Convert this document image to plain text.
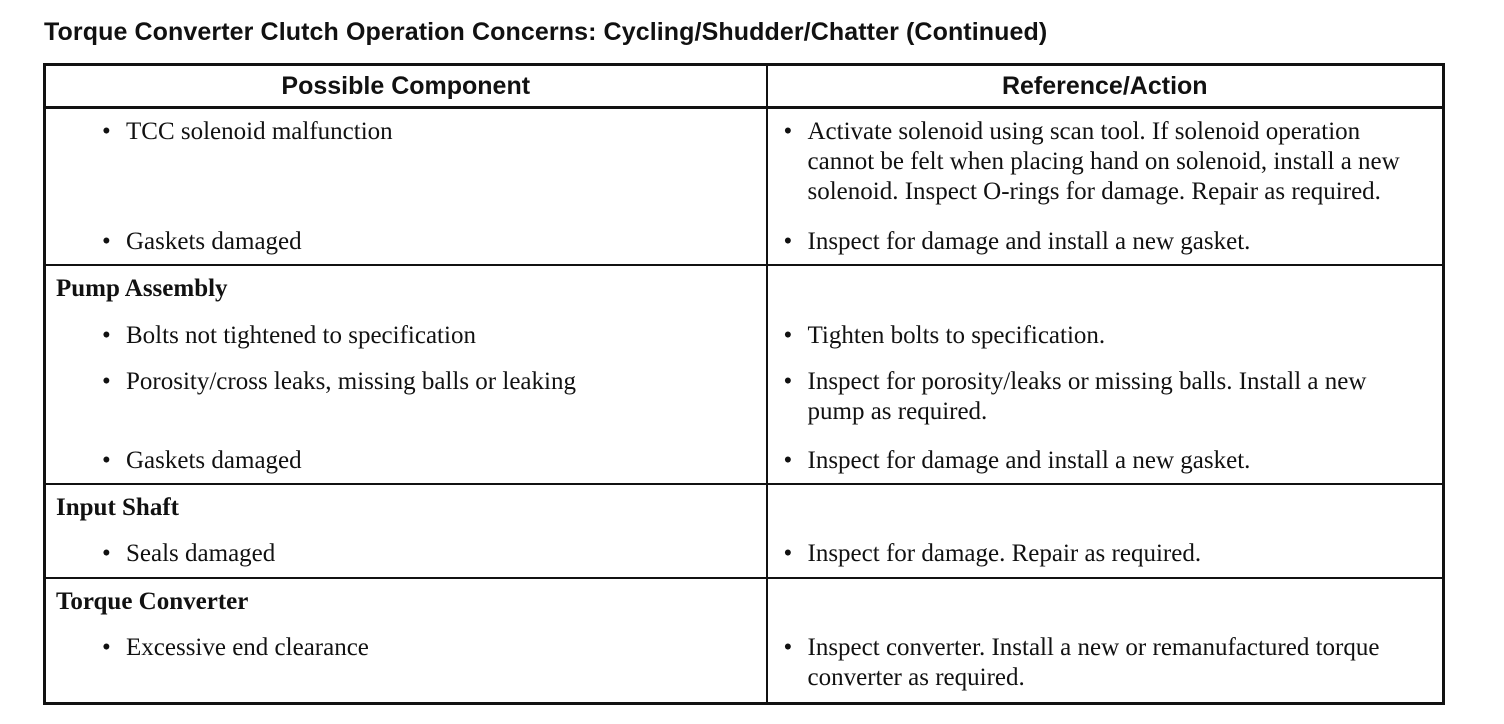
Torque Converter Clutch Operation Concerns: Cycling/Shudder/Chatter (Continued)
Possible Component	Reference/Action

• TCC solenoid malfunction	• Activate solenoid using scan tool. If solenoid operation cannot be felt when placing hand on solenoid, install a new solenoid. Inspect O-rings for damage. Repair as required.

• Gaskets damaged	• Inspect for damage and install a new gasket.

Pump Assembly	

• Bolts not tightened to specification	• Tighten bolts to specification.

• Porosity/cross leaks, missing balls or leaking	• Inspect for porosity/leaks or missing balls. Install a new pump as required.

• Gaskets damaged	• Inspect for damage and install a new gasket.

Input Shaft	

• Seals damaged	• Inspect for damage. Repair as required.

Torque Converter	

• Excessive end clearance	• Inspect converter. Install a new or remanufactured torque converter as required.
